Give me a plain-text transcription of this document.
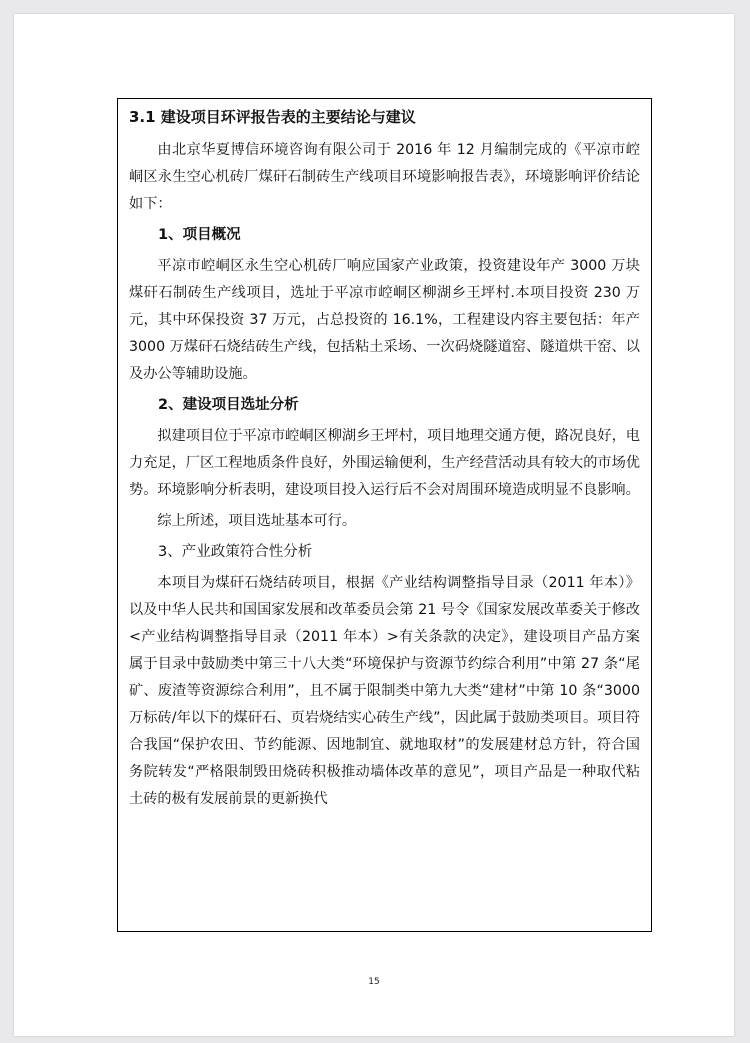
3.1 建设项目环评报告表的主要结论与建议

由北京华夏博信环境咨询有限公司于 2016 年 12 月编制完成的《平凉市崆峒区永生空心机砖厂煤矸石制砖生产线项目环境影响报告表》，环境影响评价结论如下：

1、项目概况

平凉市崆峒区永生空心机砖厂响应国家产业政策，投资建设年产 3000 万块煤矸石制砖生产线项目，选址于平凉市崆峒区柳湖乡王坪村.本项目投资 230 万元，其中环保投资 37 万元，占总投资的 16.1%，工程建设内容主要包括：年产 3000 万煤矸石烧结砖生产线，包括粘土采场、一次码烧隧道窑、隧道烘干窑、以及办公等辅助设施。

2、建设项目选址分析

拟建项目位于平凉市崆峒区柳湖乡王坪村，项目地理交通方便，路况良好，电力充足，厂区工程地质条件良好，外围运输便利，生产经营活动具有较大的市场优势。环境影响分析表明，建设项目投入运行后不会对周围环境造成明显不良影响。

综上所述，项目选址基本可行。

3、产业政策符合性分析

本项目为煤矸石烧结砖项目，根据《产业结构调整指导目录（2011 年本）》以及中华人民共和国国家发展和改革委员会第 21 号令《国家发展改革委关于修改<产业结构调整指导目录（2011 年本）>有关条款的决定》，建设项目产品方案属于目录中鼓励类中第三十八大类“环境保护与资源节约综合利用”中第 27 条“尾矿、废渣等资源综合利用”，且不属于限制类中第九大类“建材”中第 10 条“3000 万标砖/年以下的煤矸石、页岩烧结实心砖生产线”，因此属于鼓励类项目。项目符合我国“保护农田、节约能源、因地制宜、就地取材”的发展建材总方针，符合国务院转发“严格限制毁田烧砖积极推动墙体改革的意见”，项目产品是一种取代粘土砖的极有发展前景的更新换代

15
